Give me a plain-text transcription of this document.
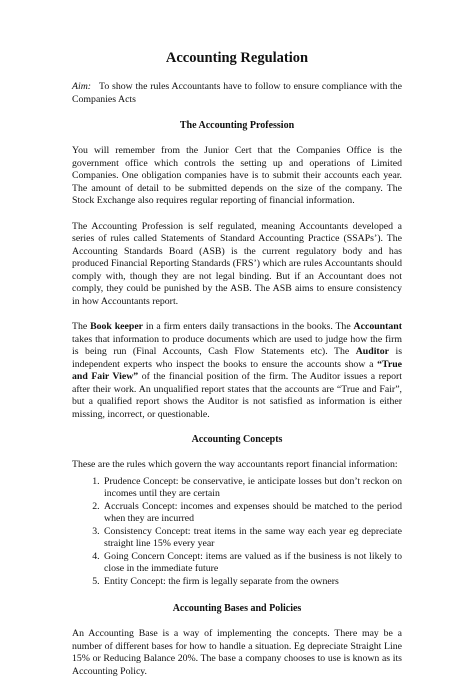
Accounting Regulation

Aim: To show the rules Accountants have to follow to ensure compliance with the Companies Acts

The Accounting Profession

You will remember from the Junior Cert that the Companies Office is the government office which controls the setting up and operations of Limited Companies. One obligation companies have is to submit their accounts each year. The amount of detail to be submitted depends on the size of the company. The Stock Exchange also requires regular reporting of financial information.

The Accounting Profession is self regulated, meaning Accountants developed a series of rules called Statements of Standard Accounting Practice (SSAPs’). The Accounting Standards Board (ASB) is the current regulatory body and has produced Financial Reporting Standards (FRS’) which are rules Accountants should comply with, though they are not legal binding. But if an Accountant does not comply, they could be punished by the ASB. The ASB aims to ensure consistency in how Accountants report.

The Book keeper in a firm enters daily transactions in the books. The Accountant takes that information to produce documents which are used to judge how the firm is being run (Final Accounts, Cash Flow Statements etc). The Auditor is independent experts who inspect the books to ensure the accounts show a “True and Fair View” of the financial position of the firm. The Auditor issues a report after their work. An unqualified report states that the accounts are “True and Fair”, but a qualified report shows the Auditor is not satisfied as information is either missing, incorrect, or questionable.

Accounting Concepts

These are the rules which govern the way accountants report financial information:

1. Prudence Concept: be conservative, ie anticipate losses but don’t reckon on incomes until they are certain
2. Accruals Concept: incomes and expenses should be matched to the period when they are incurred
3. Consistency Concept: treat items in the same way each year eg depreciate straight line 15% every year
4. Going Concern Concept: items are valued as if the business is not likely to close in the immediate future
5. Entity Concept: the firm is legally separate from the owners
Accounting Bases and Policies

An Accounting Base is a way of implementing the concepts. There may be a number of different bases for how to handle a situation. Eg depreciate Straight Line 15% or Reducing Balance 20%. The base a company chooses to use is known as its Accounting Policy.
